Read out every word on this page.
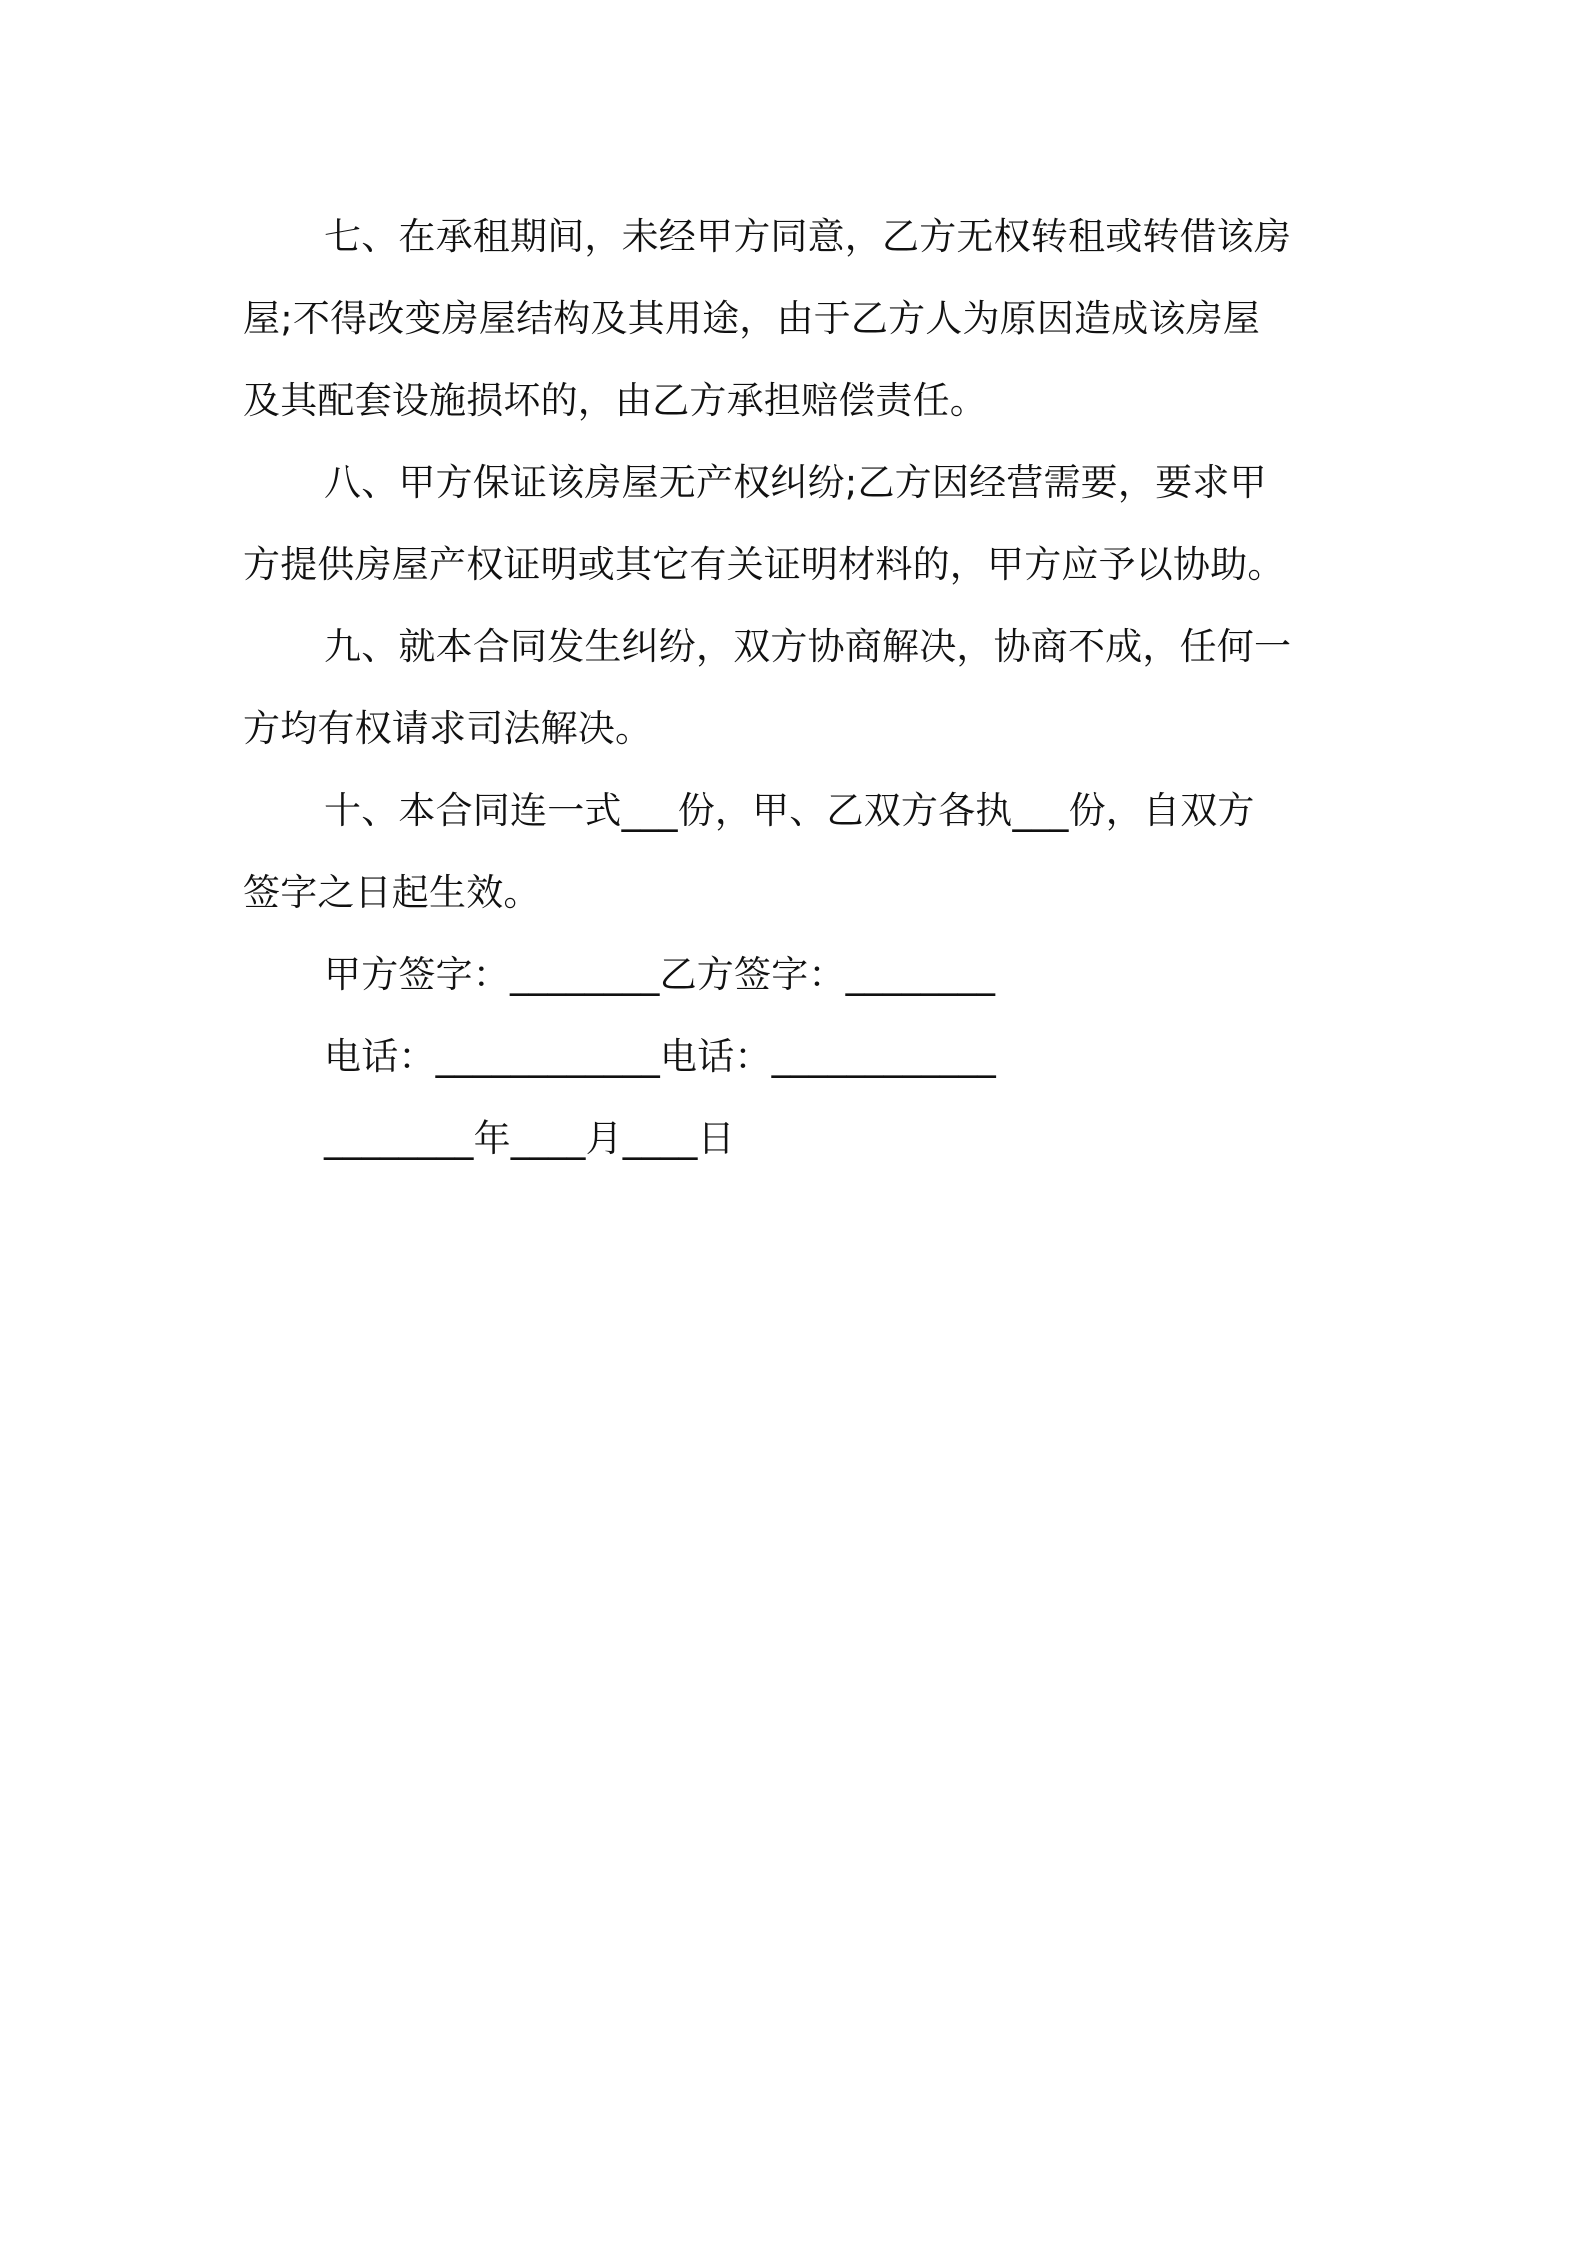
七、在承租期间，未经甲方同意，乙方无权转租或转借该房
屋;不得改变房屋结构及其用途，由于乙方人为原因造成该房屋
及其配套设施损坏的，由乙方承担赔偿责任。
八、甲方保证该房屋无产权纠纷;乙方因经营需要，要求甲
方提供房屋产权证明或其它有关证明材料的，甲方应予以协助。
九、就本合同发生纠纷，双方协商解决，协商不成，任何一
方均有权请求司法解决。
十、本合同连一式___份，甲、乙双方各执___份，自双方
签字之日起生效。
甲方签字：________乙方签字：________
电话：____________电话：____________
________年____月____日
